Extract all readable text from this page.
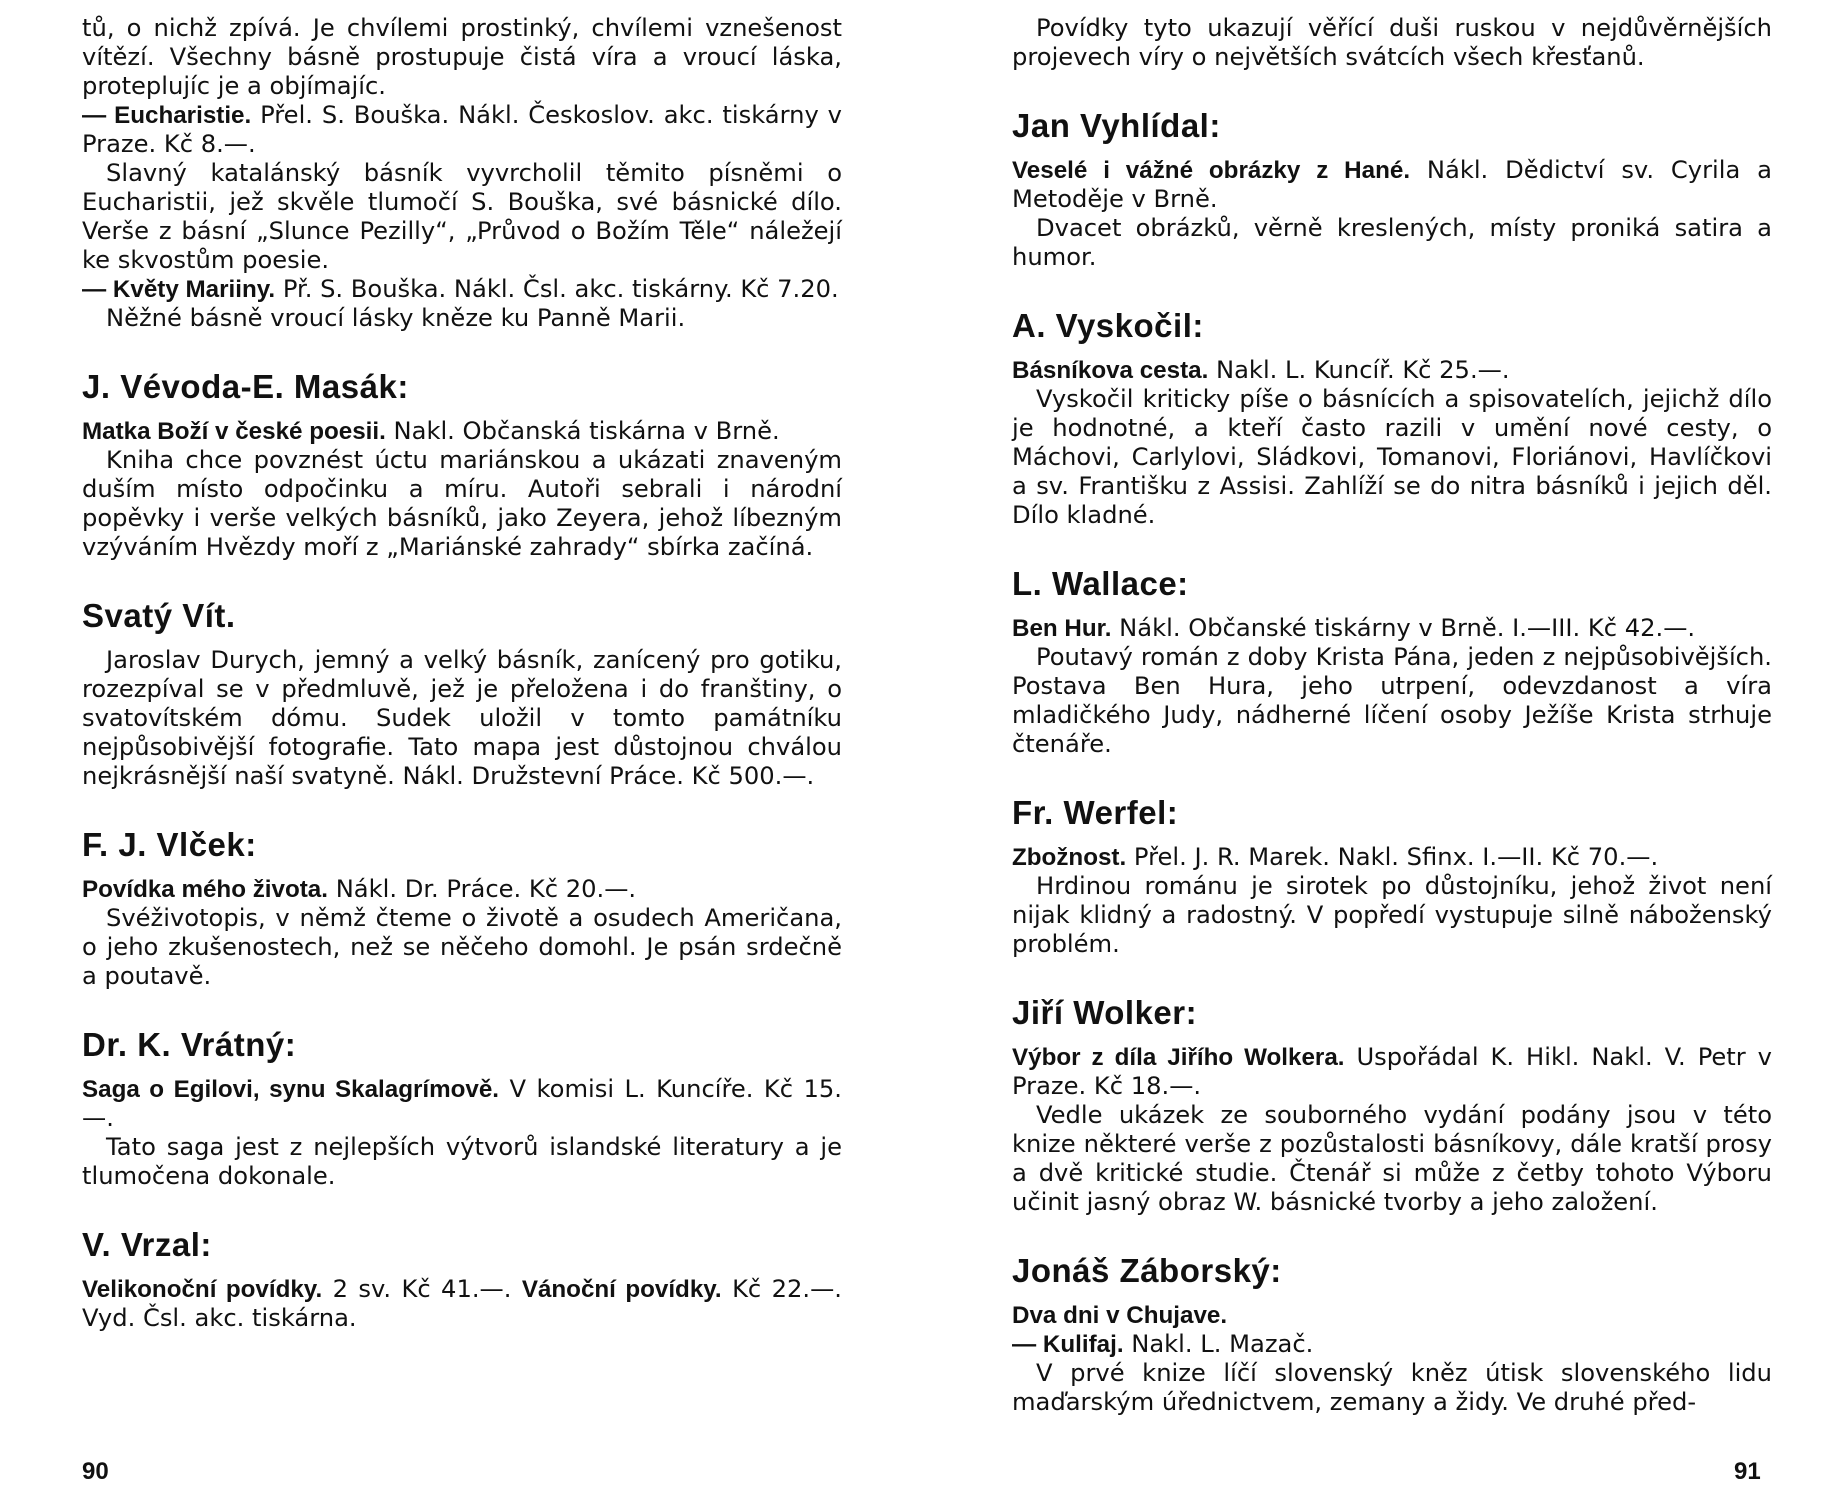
tů, o nichž zpívá. Je chvílemi prostinký, chvílemi vznešenost vítězí. Všechny básně prostupuje čistá víra a vroucí láska, proteplujíc je a objímajíc.

— Eucharistie. Přel. S. Bouška. Nákl. Českoslov. akc. tiskárny v Praze. Kč 8.—.

Slavný katalánský básník vyvrcholil těmito písněmi o Eucharistii, jež skvěle tlumočí S. Bouška, své básnické dílo. Verše z básní „Slunce Pezilly“, „Průvod o Božím Těle“ náležejí ke skvostům poesie.

— Květy Mariiny. Př. S. Bouška. Nákl. Čsl. akc. tiskárny. Kč 7.20.

Něžné básně vroucí lásky kněze ku Panně Marii.

J. Vévoda-E. Masák:

Matka Boží v české poesii. Nakl. Občanská tiskárna v Brně.

Kniha chce povznést úctu mariánskou a ukázati znaveným duším místo odpočinku a míru. Autoři sebrali i národní popěvky i verše velkých básníků, jako Zeyera, jehož líbezným vzýváním Hvězdy moří z „Mariánské zahrady“ sbírka začíná.

Svatý Vít.

Jaroslav Durych, jemný a velký básník, zanícený pro gotiku, rozezpíval se v předmluvě, jež je přeložena i do franštiny, o svatovítském dómu. Sudek uložil v tomto památníku nejpůsobivější fotografie. Tato mapa jest důstojnou chválou nejkrásnější naší svatyně. Nákl. Družstevní Práce. Kč 500.—.

F. J. Vlček:

Povídka mého života. Nákl. Dr. Práce. Kč 20.—.

Svéživotopis, v němž čteme o životě a osudech Američana, o jeho zkušenostech, než se něčeho domohl. Je psán srdečně a poutavě.

Dr. K. Vrátný:

Saga o Egilovi, synu Skalagrímově. V komisi L. Kuncíře. Kč 15.—.

Tato saga jest z nejlepších výtvorů islandské literatury a je tlumočena dokonale.

V. Vrzal:

Velikonoční povídky. 2 sv. Kč 41.—. Vánoční povídky. Kč 22.—. Vyd. Čsl. akc. tiskárna.

90

Povídky tyto ukazují věřící duši ruskou v nejdůvěrnějších projevech víry o největších svátcích všech křesťanů.

Jan Vyhlídal:

Veselé i vážné obrázky z Hané. Nákl. Dědictví sv. Cyrila a Metoděje v Brně.

Dvacet obrázků, věrně kreslených, místy proniká satira a humor.

A. Vyskočil:

Básníkova cesta. Nakl. L. Kuncíř. Kč 25.—.

Vyskočil kriticky píše o básnících a spisovatelích, jejichž dílo je hodnotné, a kteří často razili v umění nové cesty, o Máchovi, Carlylovi, Sládkovi, Tomanovi, Floriánovi, Havlíčkovi a sv. Františku z Assisi. Zahlíží se do nitra básníků i jejich děl. Dílo kladné.

L. Wallace:

Ben Hur. Nákl. Občanské tiskárny v Brně. I.—III. Kč 42.—.

Poutavý román z doby Krista Pána, jeden z nejpůsobivějších. Postava Ben Hura, jeho utrpení, odevzdanost a víra mladičkého Judy, nádherné líčení osoby Ježíše Krista strhuje čtenáře.

Fr. Werfel:

Zbožnost. Přel. J. R. Marek. Nakl. Sfinx. I.—II. Kč 70.—.

Hrdinou románu je sirotek po důstojníku, jehož život není nijak klidný a radostný. V popředí vystupuje silně náboženský problém.

Jiří Wolker:

Výbor z díla Jiřího Wolkera. Uspořádal K. Hikl. Nakl. V. Petr v Praze. Kč 18.—.

Vedle ukázek ze souborného vydání podány jsou v této knize některé verše z pozůstalosti básníkovy, dále kratší prosy a dvě kritické studie. Čtenář si může z četby tohoto Výboru učinit jasný obraz W. básnické tvorby a jeho založení.

Jonáš Záborský:

Dva dni v Chujave.

— Kulifaj. Nakl. L. Mazač.

V prvé knize líčí slovenský kněz útisk slovenského lidu maďarským úřednictvem, zemany a židy. Ve druhé před-

91
